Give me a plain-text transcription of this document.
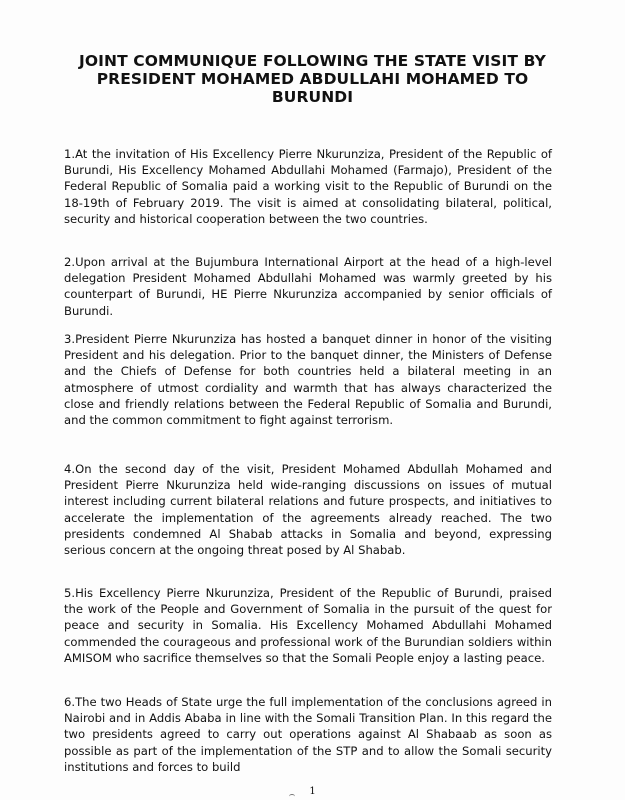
JOINT COMMUNIQUE FOLLOWING THE STATE VISIT BY PRESIDENT MOHAMED ABDULLAHI MOHAMED TO BURUNDI

1.At the invitation of His Excellency Pierre Nkurunziza, President of the Republic of Burundi, His Excellency Mohamed Abdullahi Mohamed (Farmajo), President of the Federal Republic of Somalia paid a working visit to the Republic of Burundi on the 18-19th of February 2019. The visit is aimed at consolidating bilateral, political, security and historical cooperation between the two countries.

2.Upon arrival at the Bujumbura International Airport at the head of a high-level delegation President Mohamed Abdullahi Mohamed was warmly greeted by his counterpart of Burundi, HE Pierre Nkurunziza accompanied by senior officials of Burundi.

3.President Pierre Nkurunziza has hosted a banquet dinner in honor of the visiting President and his delegation. Prior to the banquet dinner, the Ministers of Defense and the Chiefs of Defense for both countries held a bilateral meeting in an atmosphere of utmost cordiality and warmth that has always characterized the close and friendly relations between the Federal Republic of Somalia and Burundi, and the common commitment to fight against terrorism.

4.On the second day of the visit, President Mohamed Abdullah Mohamed and President Pierre Nkurunziza held wide-ranging discussions on issues of mutual interest including current bilateral relations and future prospects, and initiatives to accelerate the implementation of the agreements already reached. The two presidents condemned Al Shabab attacks in Somalia and beyond, expressing serious concern at the ongoing threat posed by Al Shabab.

5.His Excellency Pierre Nkurunziza, President of the Republic of Burundi, praised the work of the People and Government of Somalia in the pursuit of the quest for peace and security in Somalia. His Excellency Mohamed Abdullahi Mohamed commended the courageous and professional work of the Burundian soldiers within AMISOM who sacrifice themselves so that the Somali People enjoy a lasting peace.

6.The two Heads of State urge the full implementation of the conclusions agreed in Nairobi and in Addis Ababa in line with the Somali Transition Plan. In this regard the two presidents agreed to carry out operations against Al Shabaab as soon as possible as part of the implementation of the STP and to allow the Somali security institutions and forces to build

1
